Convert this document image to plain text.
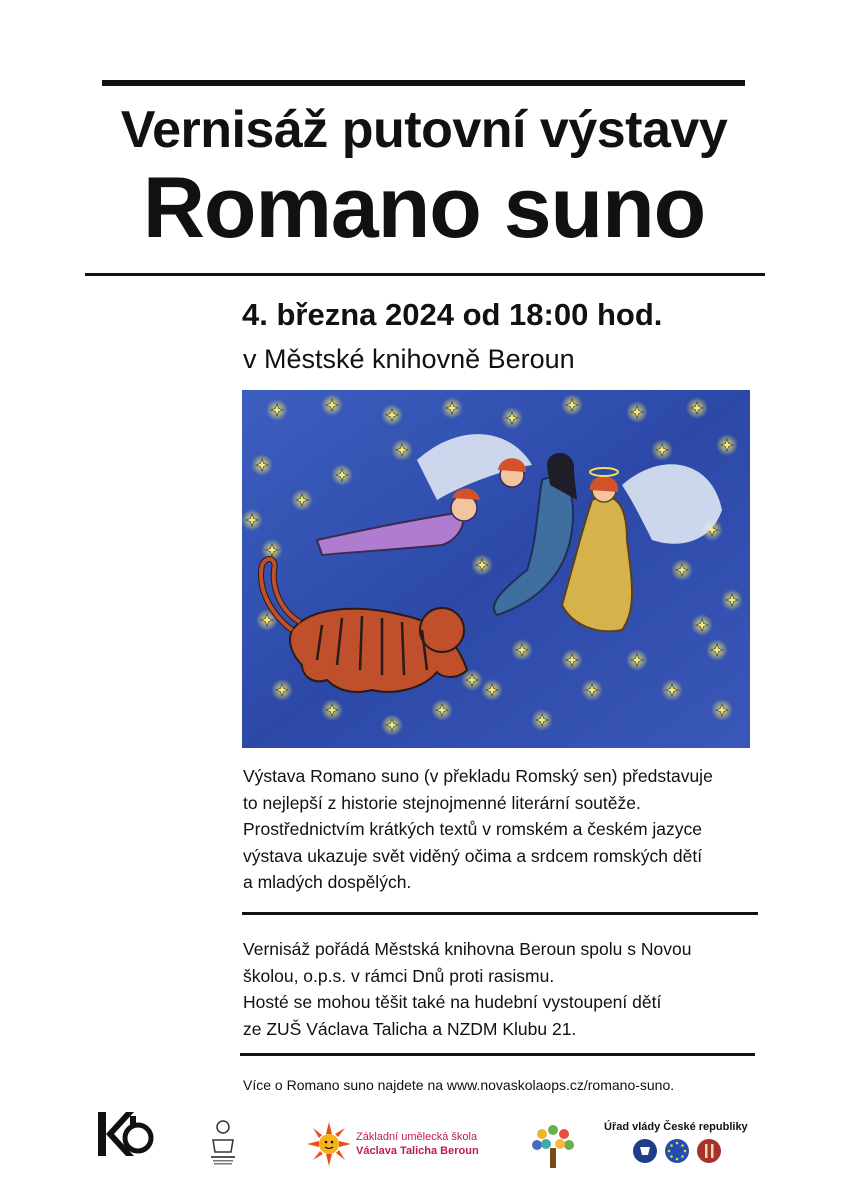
Vernisáž putovní výstavy
Romano suno
4. března 2024 od 18:00 hod.
v Městské knihovně Beroun
Výstava Romano suno (v překladu Romský sen) představuje
to nejlepší z historie stejnojmenné literární soutěže.
Prostřednictvím krátkých textů v romském a českém jazyce
výstava ukazuje svět viděný očima a srdcem romských dětí
a mladých dospělých.
Vernisáž pořádá Městská knihovna Beroun spolu s Novou
školou, o.p.s. v rámci Dnů proti rasismu.
Hosté se mohou těšit také na hudební vystoupení dětí
ze ZUŠ Václava Talicha a NZDM Klubu 21.
Více o Romano suno najdete na www.novaskolaops.cz/romano-suno.
Základní umělecká škola
Václava Talicha Beroun
Úřad vlády České republiky
